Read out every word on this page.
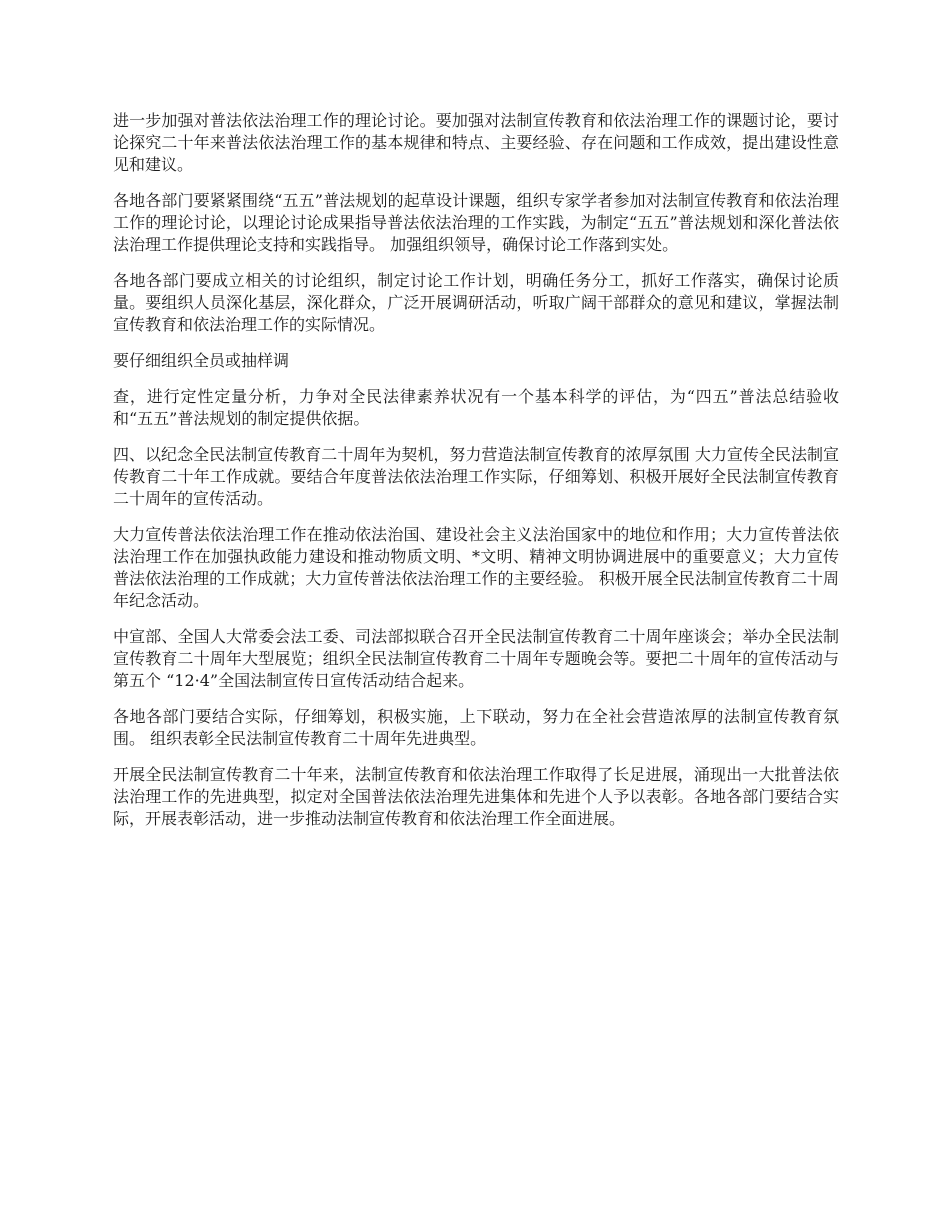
进一步加强对普法依法治理工作的理论讨论。要加强对法制宣传教育和依法治理工作的课题讨论，要讨论探究二十年来普法依法治理工作的基本规律和特点、主要经验、存在问题和工作成效，提出建设性意见和建议。

各地各部门要紧紧围绕“五五”普法规划的起草设计课题，组织专家学者参加对法制宣传教育和依法治理工作的理论讨论，以理论讨论成果指导普法依法治理的工作实践，为制定“五五”普法规划和深化普法依法治理工作提供理论支持和实践指导。 加强组织领导，确保讨论工作落到实处。

各地各部门要成立相关的讨论组织，制定讨论工作计划，明确任务分工，抓好工作落实，确保讨论质量。要组织人员深化基层，深化群众，广泛开展调研活动，听取广阔干部群众的意见和建议，掌握法制宣传教育和依法治理工作的实际情况。

要仔细组织全员或抽样调

查，进行定性定量分析，力争对全民法律素养状况有一个基本科学的评估，为“四五”普法总结验收和“五五”普法规划的制定提供依据。

四、以纪念全民法制宣传教育二十周年为契机，努力营造法制宣传教育的浓厚氛围 大力宣传全民法制宣传教育二十年工作成就。要结合年度普法依法治理工作实际，仔细筹划、积极开展好全民法制宣传教育二十周年的宣传活动。

大力宣传普法依法治理工作在推动依法治国、建设社会主义法治国家中的地位和作用；大力宣传普法依法治理工作在加强执政能力建设和推动物质文明、*文明、精神文明协调进展中的重要意义；大力宣传普法依法治理的工作成就；大力宣传普法依法治理工作的主要经验。 积极开展全民法制宣传教育二十周年纪念活动。

中宣部、全国人大常委会法工委、司法部拟联合召开全民法制宣传教育二十周年座谈会；举办全民法制宣传教育二十周年大型展览；组织全民法制宣传教育二十周年专题晚会等。要把二十周年的宣传活动与第五个 “12·4”全国法制宣传日宣传活动结合起来。

各地各部门要结合实际，仔细筹划，积极实施，上下联动，努力在全社会营造浓厚的法制宣传教育氛围。 组织表彰全民法制宣传教育二十周年先进典型。

开展全民法制宣传教育二十年来，法制宣传教育和依法治理工作取得了长足进展，涌现出一大批普法依法治理工作的先进典型，拟定对全国普法依法治理先进集体和先进个人予以表彰。各地各部门要结合实际，开展表彰活动，进一步推动法制宣传教育和依法治理工作全面进展。
